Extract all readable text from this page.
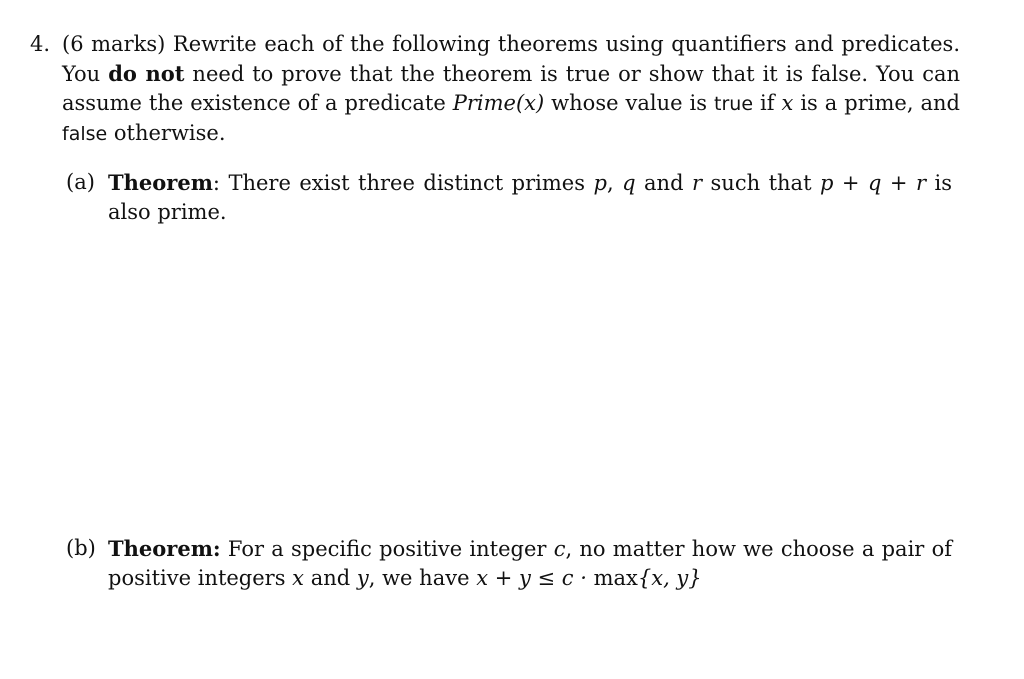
4. (6 marks) Rewrite each of the following theorems using quantifiers and predicates. You do not need to prove that the theorem is true or show that it is false. You can assume the existence of a predicate Prime(x) whose value is true if x is a prime, and false otherwise.
(a) Theorem: There exist three distinct primes p, q and r such that p + q + r is also prime.
(b) Theorem: For a specific positive integer c, no matter how we choose a pair of positive integers x and y, we have x + y ≤ c · max{x, y}
